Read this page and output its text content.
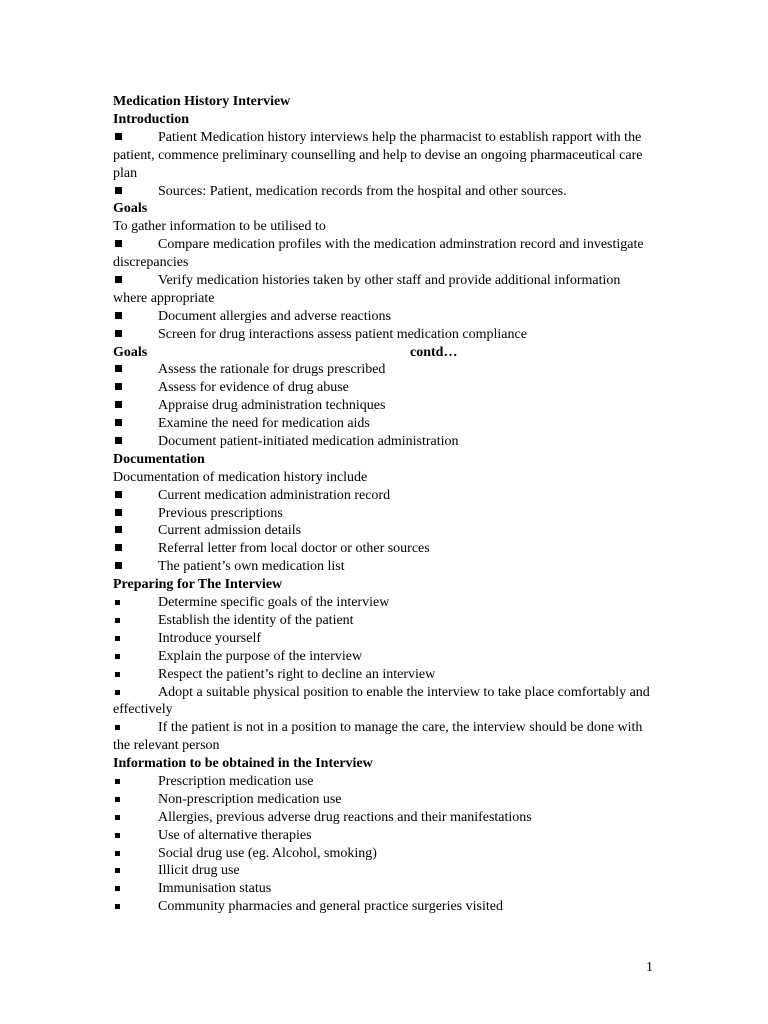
Medication History Interview
Introduction
Patient Medication history interviews help the pharmacist to establish rapport with the patient, commence preliminary counselling and help to devise an ongoing pharmaceutical care plan
Sources: Patient, medication records from the hospital and other sources.
Goals
To gather information to be utilised to
Compare medication profiles with the medication adminstration record and investigate discrepancies
Verify medication histories taken by other staff and provide additional information where appropriate
Document allergies and adverse reactions
Screen for drug interactions assess patient medication compliance
Goals	contd…
Assess the rationale for drugs prescribed
Assess for evidence of drug abuse
Appraise drug administration techniques
Examine the need for medication aids
Document patient-initiated medication administration
Documentation
Documentation of medication history include
Current medication administration record
Previous prescriptions
Current admission details
Referral letter from local doctor or other sources
The patient’s own medication list
Preparing for The Interview
Determine specific goals of the interview
Establish the identity of the patient
Introduce yourself
Explain the purpose of the interview
Respect the patient’s right to decline an interview
Adopt a suitable physical position to enable the interview to take place comfortably and effectively
If the patient is not in a position to manage the care, the interview should be done with the relevant person
Information to be obtained in the Interview
Prescription medication use
Non-prescription medication use
Allergies, previous adverse drug reactions and their manifestations
Use of alternative therapies
Social drug use (eg. Alcohol, smoking)
Illicit drug use
Immunisation status
Community pharmacies and general practice surgeries visited
1
